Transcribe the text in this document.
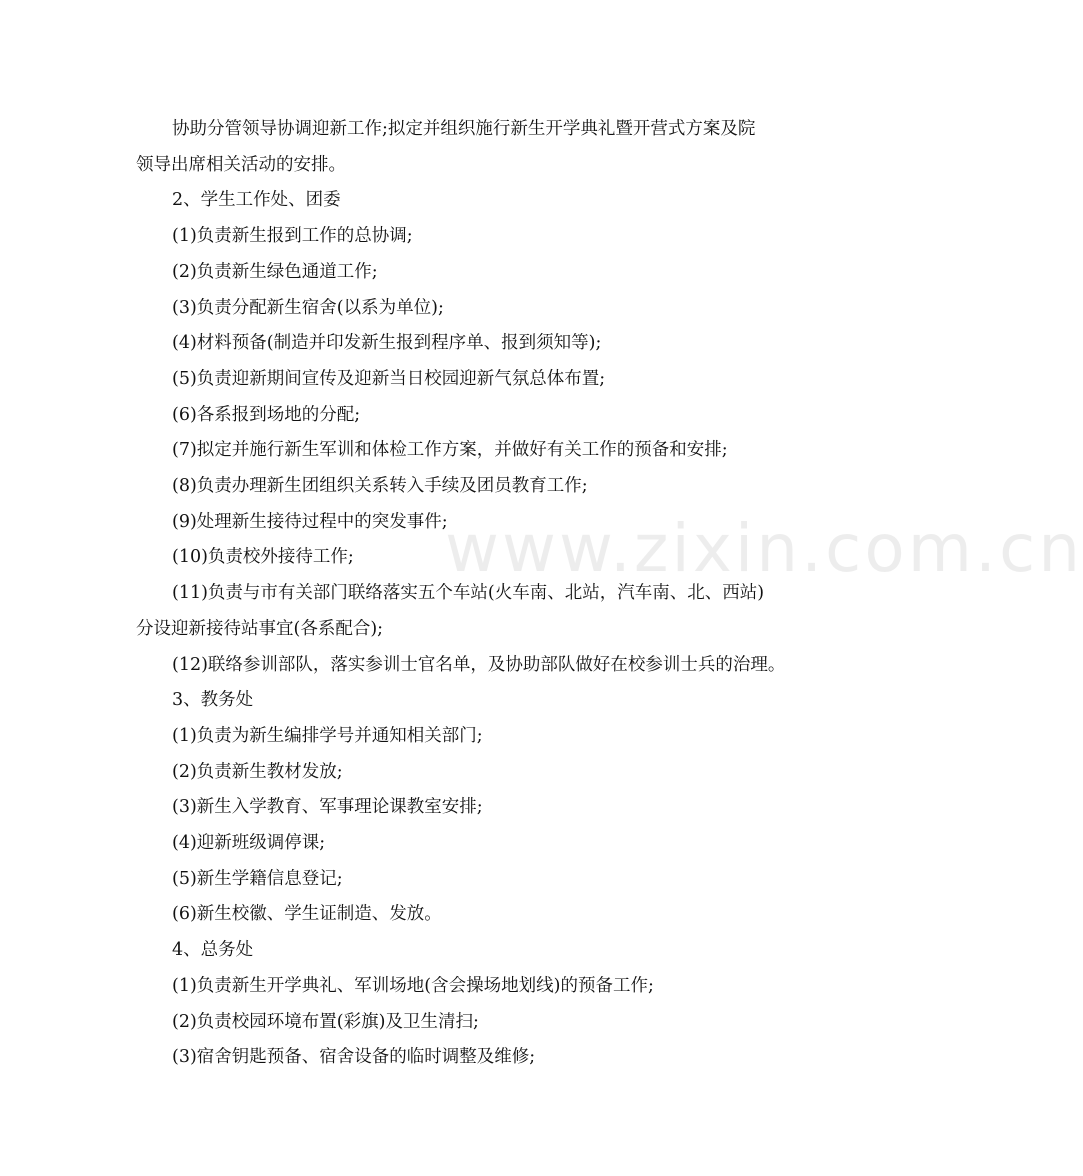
www.zixin.com.cn

协助分管领导协调迎新工作;拟定并组织施行新生开学典礼暨开营式方案及院

领导出席相关活动的安排。

2、学生工作处、团委

(1)负责新生报到工作的总协调;

(2)负责新生绿色通道工作;

(3)负责分配新生宿舍(以系为单位);

(4)材料预备(制造并印发新生报到程序单、报到须知等);

(5)负责迎新期间宣传及迎新当日校园迎新气氛总体布置;

(6)各系报到场地的分配;

(7)拟定并施行新生军训和体检工作方案，并做好有关工作的预备和安排;

(8)负责办理新生团组织关系转入手续及团员教育工作;

(9)处理新生接待过程中的突发事件;

(10)负责校外接待工作;

(11)负责与市有关部门联络落实五个车站(火车南、北站，汽车南、北、西站)

分设迎新接待站事宜(各系配合);

(12)联络参训部队，落实参训士官名单，及协助部队做好在校参训士兵的治理。

3、教务处

(1)负责为新生编排学号并通知相关部门;

(2)负责新生教材发放;

(3)新生入学教育、军事理论课教室安排;

(4)迎新班级调停课;

(5)新生学籍信息登记;

(6)新生校徽、学生证制造、发放。

4、总务处

(1)负责新生开学典礼、军训场地(含会操场地划线)的预备工作;

(2)负责校园环境布置(彩旗)及卫生清扫;

(3)宿舍钥匙预备、宿舍设备的临时调整及维修;
